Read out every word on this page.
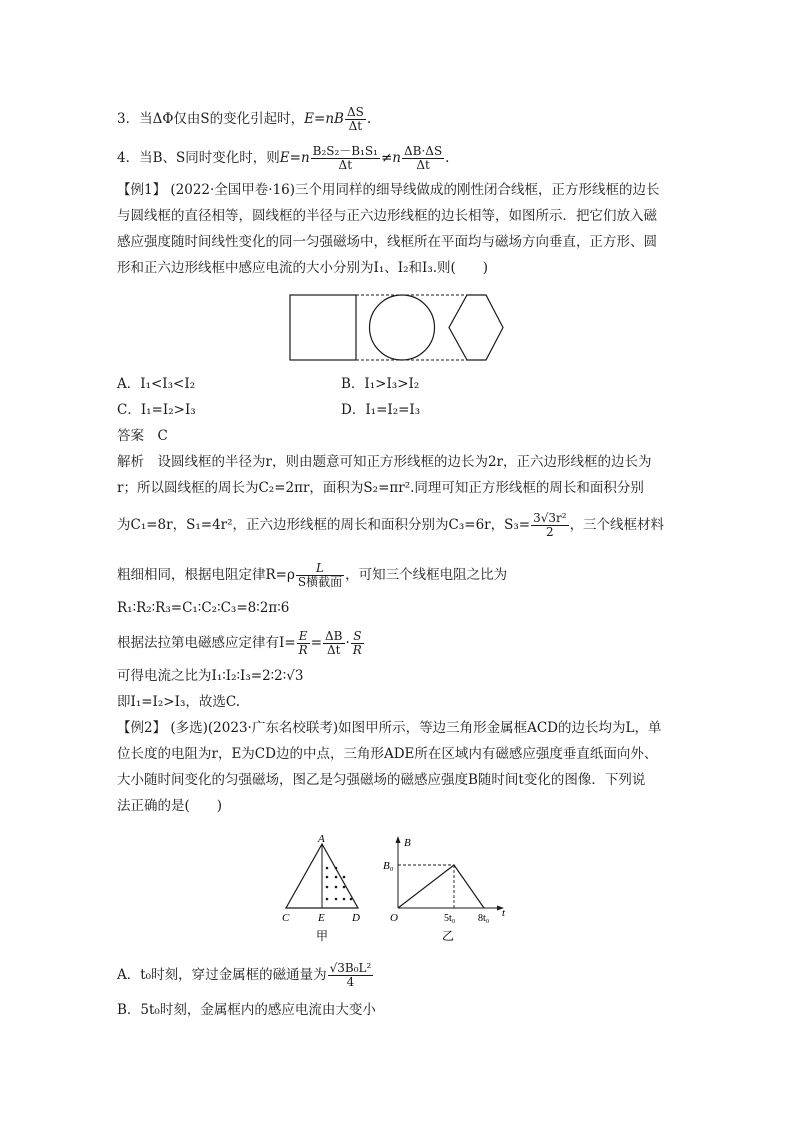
3．当ΔΦ仅由S的变化引起时，$E=nB \frac{\Delta S}{\Delta t}$ .
4．当B、S同时变化时，则$E=n \frac{\text{B₂S₂－B₁S₁}}{\Delta t} \ne n \frac{\Delta B\cdot\Delta S}{\Delta t}$ .
【例1】 (2022·全国甲卷·16)三个用同样的细导线做成的刚性闭合线框，正方形线框的边长
与圆线框的直径相等，圆线框的半径与正六边形线框的边长相等，如图所示．把它们放入磁
感应强度随时间线性变化的同一匀强磁场中，线框所在平面均与磁场方向垂直，正方形、圆
形和正六边形线框中感应电流的大小分别为I₁、I₂和I₃.则(　　)
A．I₁<I₃<I₂	B．I₁>I₃>I₂
C．I₁=I₂>I₃	D．I₁=I₂=I₃
答案　C
解析　设圆线框的半径为r，则由题意可知正方形线框的边长为2r，正六边形线框的边长为
r；所以圆线框的周长为C₂=2πr，面积为S₂=πr².同理可知正方形线框的周长和面积分别
为C₁=8r，S₁=4r²，正六边形线框的周长和面积分别为C₃=6r，$S_3= \frac{\text{3√3r²}}{2}$ ，三个线框材料
粗细相同，根据电阻定律$R=\rho \frac{L}{\text{S横截面}}$ ，可知三个线框电阻之比为
R₁∶R₂∶R₃=C₁∶C₂∶C₃=8∶2π∶6
根据法拉第电磁感应定律有$I= \frac{E}{R} = \frac{\Delta B}{\Delta t} \cdot \frac{S}{R}$
可得电流之比为I₁∶I₂∶I₃=2∶2∶√3
即I₁=I₂>I₃，故选C.
【例2】 (多选)(2023·广东名校联考)如图甲所示，等边三角形金属框ACD的边长均为L，单
位长度的电阻为r，E为CD边的中点，三角形ADE所在区域内有磁感应强度垂直纸面向外、
大小随时间变化的匀强磁场，图乙是匀强磁场的磁感应强度B随时间t变化的图像．下列说
法正确的是(　　)
A
C	E D
甲
B
B₀
O	5t₀ 8t₀ t
乙
A．t₀时刻，穿过金属框的磁通量为 $\frac{\text{√3B₀L²}}{4}$
B．5t₀时刻，金属框内的感应电流由大变小
